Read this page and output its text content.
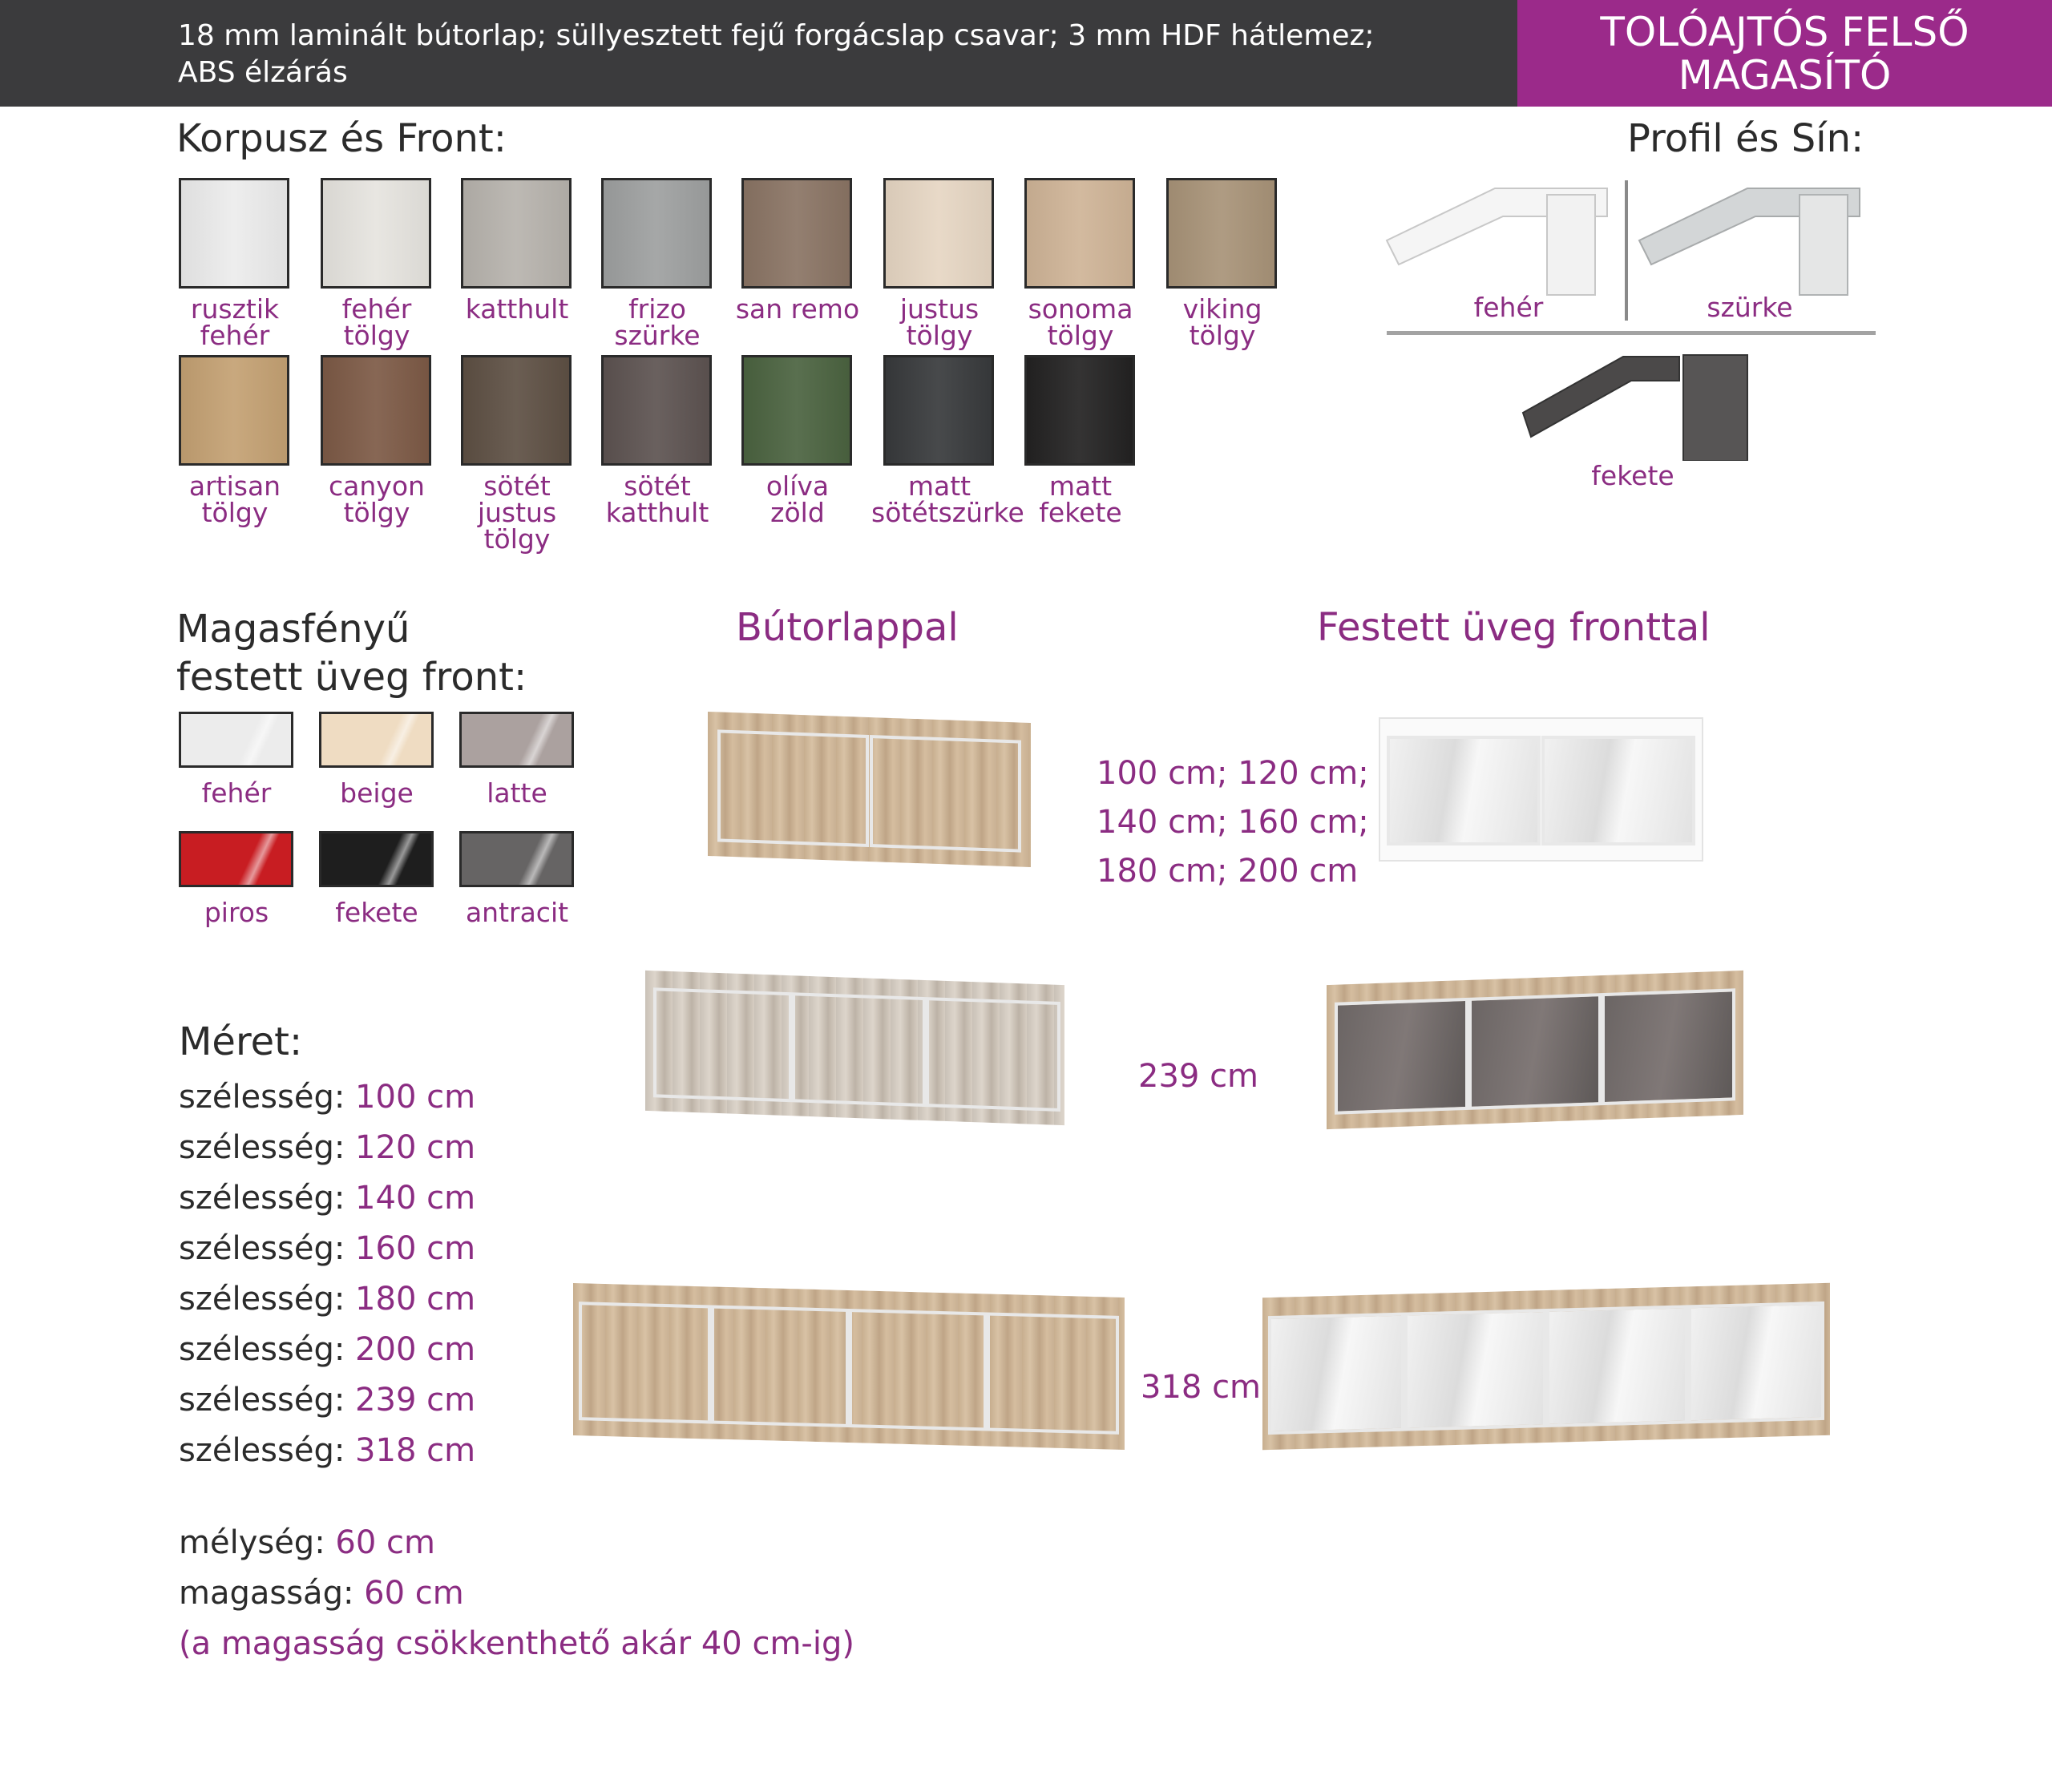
18 mm laminált bútorlap; süllyesztett fejű forgácslap csavar; 3 mm HDF hátlemez;
ABS élzárás
TOLÓAJTÓS FELSŐ
MAGASÍTÓ
Korpusz és Front:
rusztik
fehér
fehér
tölgy
katthult	frizo
szürke
san remo	justus
tölgy
sonoma
tölgy
viking
tölgy
artisan
tölgy
canyon
tölgy
sötét
justus tölgy
sötét
katthult
olíva
zöld
matt
sötétszürke
matt
fekete
Profil és Sín:
fehér	szürke
fekete
Magasfényű
festett üveg front:
fehér	beige	latte
piros	fekete	antracit
Bútorlappal	Festett üveg fronttal
100 cm; 120 cm;
140 cm; 160 cm;
180 cm; 200 cm
239 cm
318 cm
Méret:
szélesség: 100 cm
szélesség: 120 cm
szélesség: 140 cm
szélesség: 160 cm
szélesség: 180 cm
szélesség: 200 cm
szélesség: 239 cm
szélesség: 318 cm
mélység: 60 cm
magasság: 60 cm
(a magasság csökkenthető akár 40 cm-ig)
